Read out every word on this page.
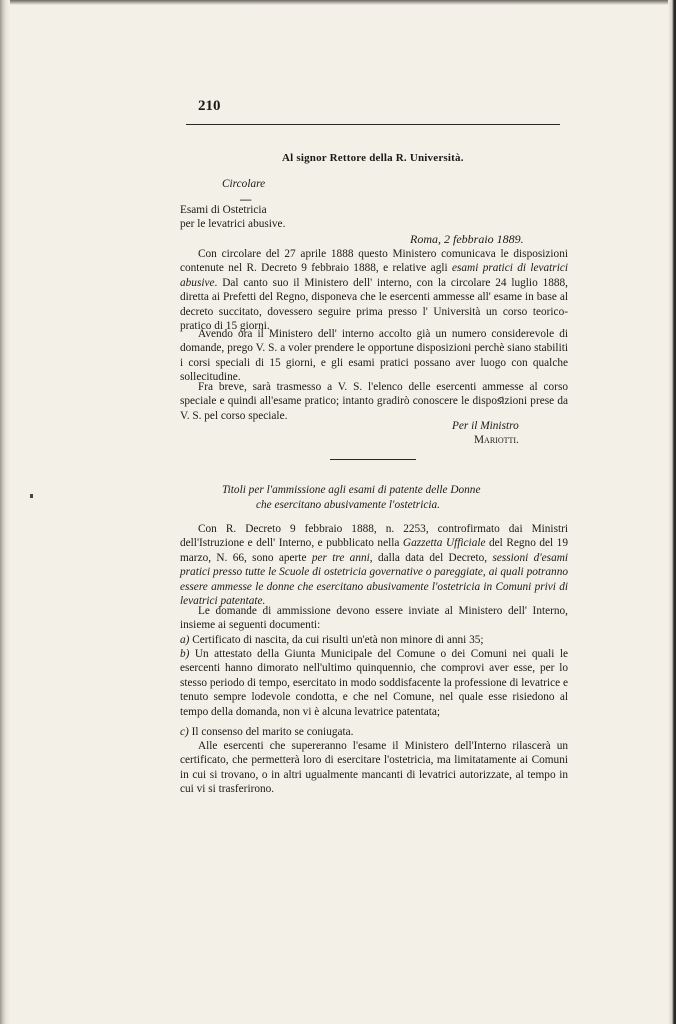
210
Al signor Rettore della R. Università.
Circolare
—
Esami di Ostetricia
per le levatrici abusive.
Roma, 2 febbraio 1889.
Con circolare del 27 aprile 1888 questo Ministero comunicava le disposizioni contenute nel R. Decreto 9 febbraio 1888, e relative agli esami pratici di levatrici abusive. Dal canto suo il Ministero dell' interno, con la circolare 24 luglio 1888, diretta ai Prefetti del Regno, disponeva che le esercenti ammesse all' esame in base al decreto succitato, dovessero seguire prima presso l' Università un corso teorico-pratico di 15 giorni.
Avendo ora il Ministero dell' interno accolto già un numero considerevole di domande, prego V. S. a voler prendere le opportune disposizioni perchè siano stabiliti i corsi speciali di 15 giorni, e gli esami pratici possano aver luogo con qualche sollecitudine.
Fra breve, sarà trasmesso a V. S. l'elenco delle esercenti ammesse al corso speciale e quindi all'esame pratico; intanto gradirò conoscere le disposizioni prese da V. S. pel corso speciale.
Per il Ministro
Mariotti.
Titoli per l'ammissione agli esami di patente delle Donne
che esercitano abusivamente l'ostetricia.
Con R. Decreto 9 febbraio 1888, n. 2253, controfirmato dai Ministri dell'Istruzione e dell' Interno, e pubblicato nella Gazzetta Ufficiale del Regno del 19 marzo, N. 66, sono aperte per tre anni, dalla data del Decreto, sessioni d'esami pratici presso tutte le Scuole di ostetricia governative o pareggiate, ai quali potranno essere ammesse le donne che esercitano abusivamente l'ostetricia in Comuni privi di levatrici patentate.
Le domande di ammissione devono essere inviate al Ministero dell' Interno, insieme ai seguenti documenti:
a) Certificato di nascita, da cui risulti un'età non minore di anni 35;
b) Un attestato della Giunta Municipale del Comune o dei Comuni nei quali le esercenti hanno dimorato nell'ultimo quinquennio, che comprovi aver esse, per lo stesso periodo di tempo, esercitato in modo soddisfacente la professione di levatrice e tenuto sempre lodevole condotta, e che nel Comune, nel quale esse risiedono al tempo della domanda, non vi è alcuna levatrice patentata;
c) Il consenso del marito se coniugata.
Alle esercenti che supereranno l'esame il Ministero dell'Interno rilascerà un certificato, che permetterà loro di esercitare l'ostetricia, ma limitatamente ai Comuni in cui si trovano, o in altri ugualmente mancanti di levatrici autorizzate, al tempo in cui vi si trasferirono.
